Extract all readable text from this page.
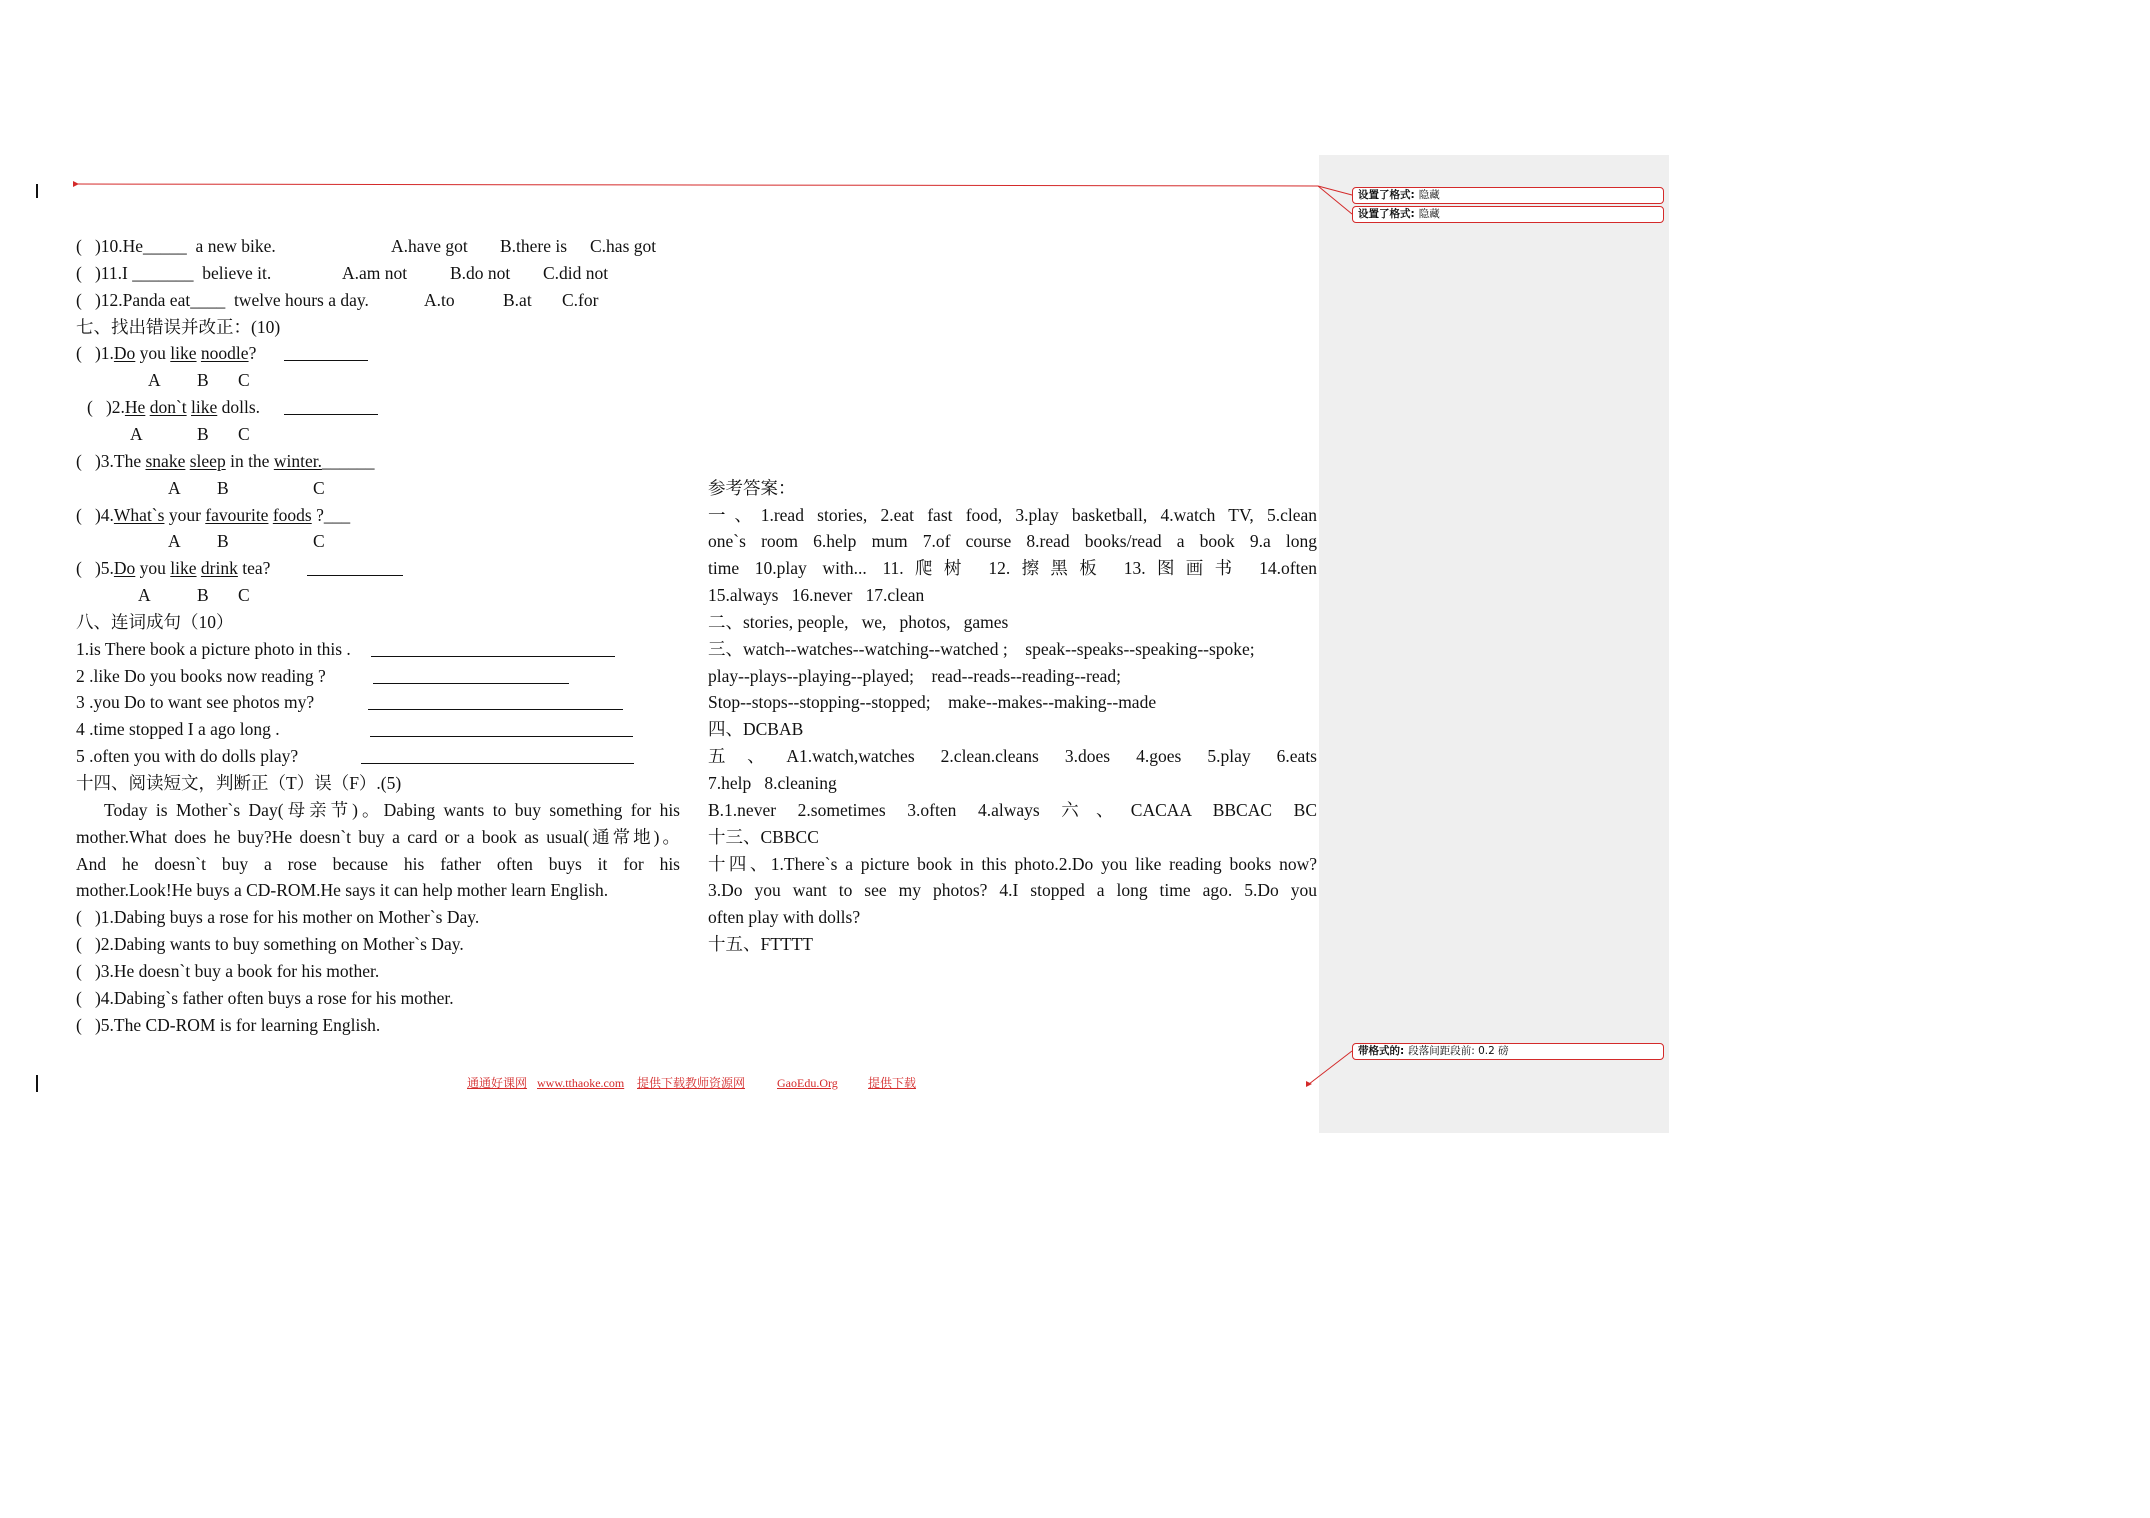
设置了格式: 隐藏
设置了格式: 隐藏
带格式的: 段落间距段前: 0.2 磅
(   )10.He_____  a new bike.	A.have got B.there is C.has got
(   )11.I _______  believe it.	A.am not B.do not C.did not
(   )12.Panda eat____  twelve hours a day.	A.to	B.at C.for
七、找出错误并改正：(10)
(   )1.Do you like noodle?
A B C
(   )2.He don`t like dolls.
A	B C
(   )3.The snake sleep in the winter.______
A B	C
(   )4.What`s your favourite foods ?___
A B	C
(   )5.Do you like drink tea?
A	B C
八、连词成句（10）
1.is There book a picture photo in this .
2 .like Do you books now reading ?
3 .you Do to want see photos my?
4 .time stopped I a ago long .
5 .often you with do dolls play?
十四、阅读短文，判断正（T）误（F）.(5)
Today is Mother`s Day(母亲节)。Dabing wants to buy something for his
mother.What does he buy?He doesn`t buy a card or a book as usual(通常地)。
And he doesn`t buy a rose because his father often buys it for his
mother.Look!He buys a CD-ROM.He says it can help mother learn English.
(   )1.Dabing buys a rose for his mother on Mother`s Day.
(   )2.Dabing wants to buy something on Mother`s Day.
(   )3.He doesn`t buy a book for his mother.
(   )4.Dabing`s father often buys a rose for his mother.
(   )5.The CD-ROM is for learning English.
参考答案：
一、1.read stories, 2.eat fast food, 3.play basketball, 4.watch TV, 5.clean
one`s room 6.help mum 7.of course 8.read books/read a book 9.a long
time 10.play with... 11.爬树 12.擦黑板 13.图画书 14.often
15.always   16.never   17.clean
二、stories, people,   we,   photos,   games
三、watch--watches--watching--watched ;    speak--speaks--speaking--spoke;
play--plays--playing--played;    read--reads--reading--read;
Stop--stops--stopping--stopped;    make--makes--making--made
四、DCBAB
五、A1.watch,watches 2.clean.cleans 3.does 4.goes 5.play 6.eats
7.help   8.cleaning
B.1.never 2.sometimes 3.often 4.always 六、CACAA BBCAC BC
十三、CBBCC
十四、1.There`s a picture book in this photo.2.Do you like reading books now?
3.Do you want to see my photos? 4.I stopped a long time ago. 5.Do you
often play with dolls?
十五、FTTTT
通通好课网 www.tthaoke.com 提供下载教师资源网	GaoEdu.Org	提供下载
